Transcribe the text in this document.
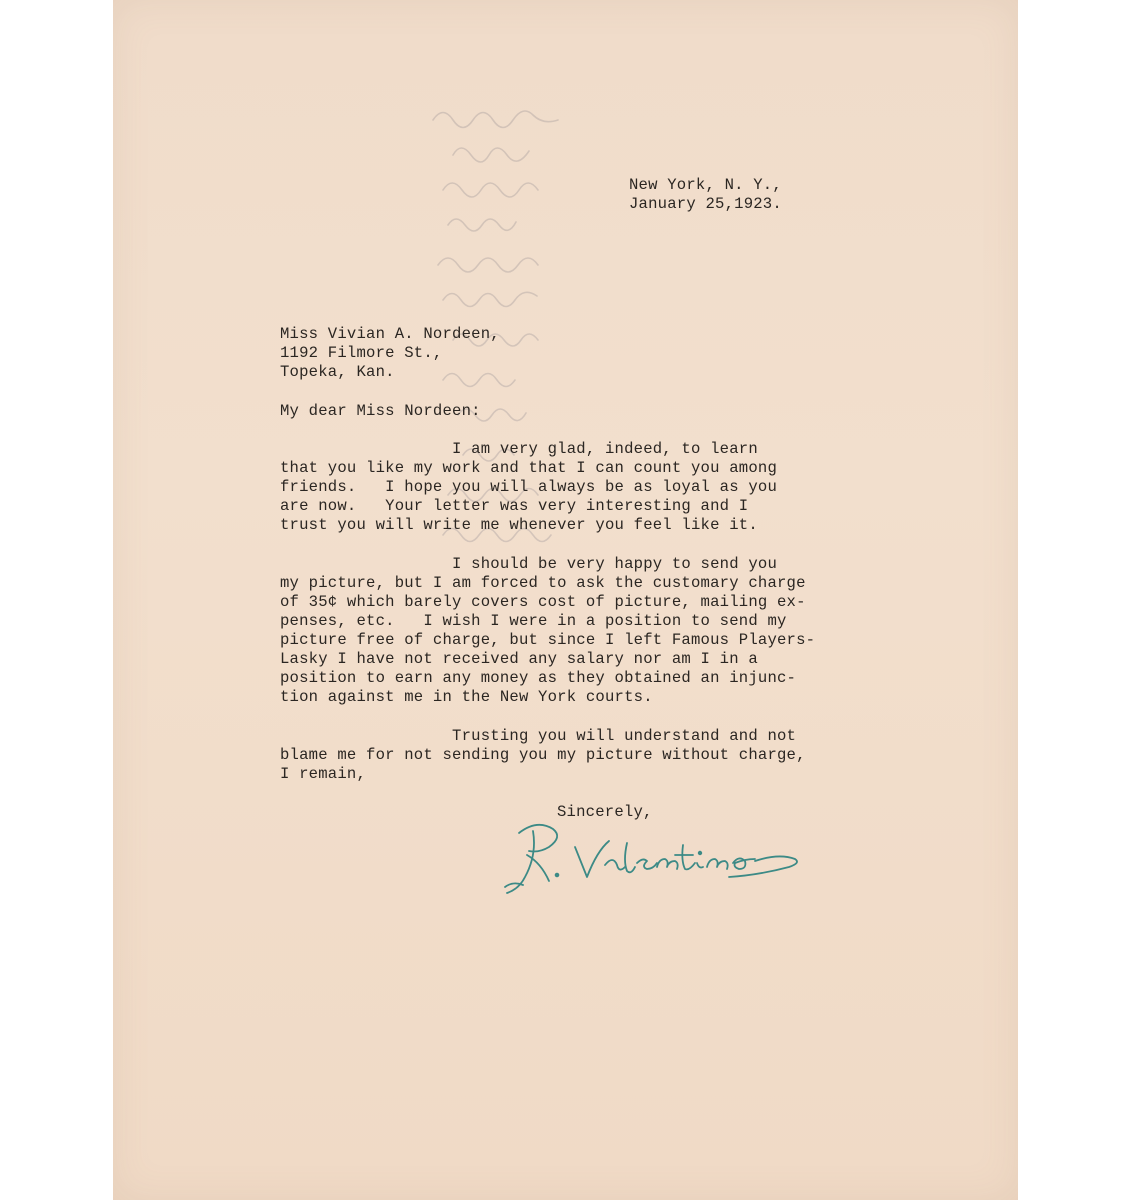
New York, N. Y.,
January 25,1923.
Miss Vivian A. Nordeen,
1192 Filmore St.,
Topeka, Kan.
My dear Miss Nordeen:
I am very glad, indeed, to learn
that you like my work and that I can count you among
friends.   I hope you will always be as loyal as you
are now.   Your letter was very interesting and I
trust you will write me whenever you feel like it.
I should be very happy to send you
my picture, but I am forced to ask the customary charge
of 35¢ which barely covers cost of picture, mailing ex-
penses, etc.   I wish I were in a position to send my
picture free of charge, but since I left Famous Players-
Lasky I have not received any salary nor am I in a
position to earn any money as they obtained an injunc-
tion against me in the New York courts.
Trusting you will understand and not
blame me for not sending you my picture without charge,
I remain,
Sincerely,
